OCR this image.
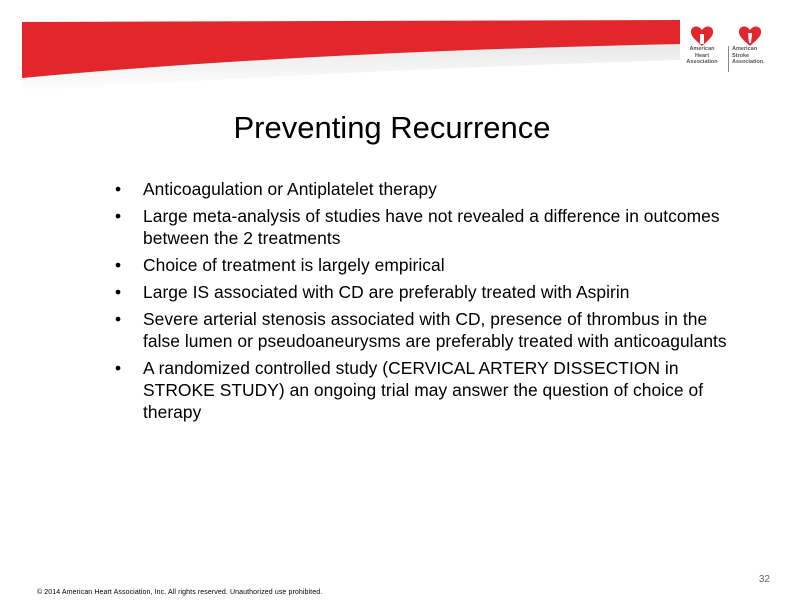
American Heart Association
American Stroke Association.
Preventing Recurrence
• Anticoagulation or Antiplatelet therapy
• Large meta-analysis of studies have not revealed a difference in outcomes between the 2 treatments
• Choice of treatment is largely empirical
• Large IS associated with CD are preferably treated with Aspirin
• Severe arterial stenosis associated with CD, presence of thrombus in the false lumen or pseudoaneurysms are preferably treated with anticoagulants
• A randomized controlled study (CERVICAL ARTERY DISSECTION in STROKE STUDY) an ongoing trial may answer the question of choice of therapy
32
© 2014 American Heart Association, Inc. All rights reserved. Unauthorized use prohibited.
